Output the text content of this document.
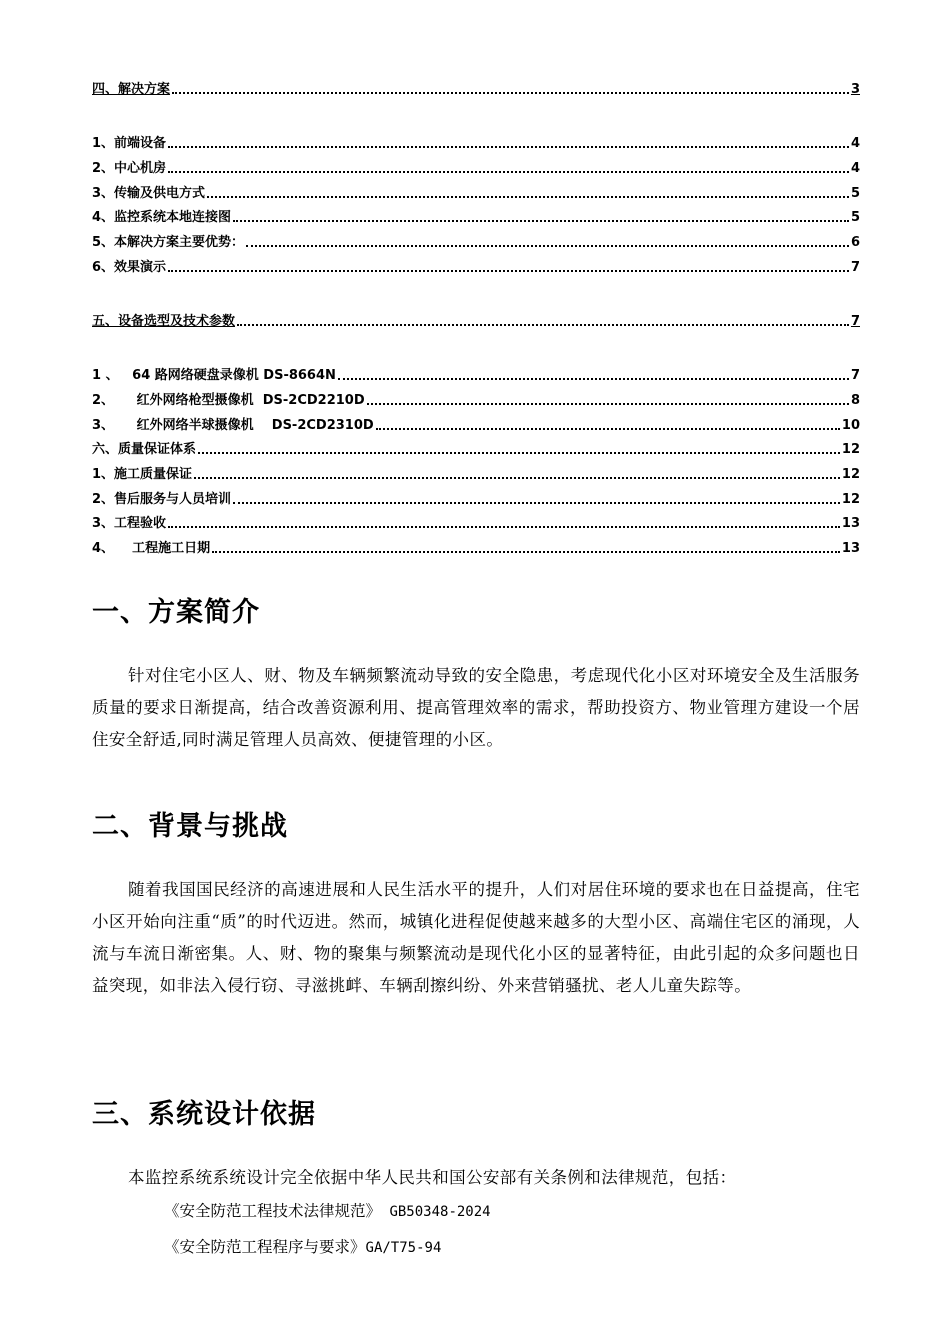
四、解决方案	3
1、前端设备	4
2、中心机房	4
3、传输及供电方式	5
4、监控系统本地连接图	5
5、本解决方案主要优势：	6
6、效果演示	7
五、设备选型及技术参数	7
1 、   64 路网络硬盘录像机 DS-8664N	7
2、     红外网络枪型摄像机  DS-2CD2210D	8
3、     红外网络半球摄像机    DS-2CD2310D	10
六、质量保证体系	12
1、施工质量保证	12
2、售后服务与人员培训	12
3、工程验收	13
4、    工程施工日期	13
一、方案简介
针对住宅小区人、财、物及车辆频繁流动导致的安全隐患，考虑现代化小区对环境安全及生活服务质量的要求日渐提高，结合改善资源利用、提高管理效率的需求，帮助投资方、物业管理方建设一个居住安全舒适,同时满足管理人员高效、便捷管理的小区。
二、背景与挑战
随着我国国民经济的高速进展和人民生活水平的提升，人们对居住环境的要求也在日益提高，住宅小区开始向注重“质”的时代迈进。然而，城镇化进程促使越来越多的大型小区、高端住宅区的涌现，人流与车流日渐密集。人、财、物的聚集与频繁流动是现代化小区的显著特征，由此引起的众多问题也日益突现，如非法入侵行窃、寻滋挑衅、车辆刮擦纠纷、外来营销骚扰、老人儿童失踪等。
三、系统设计依据
本监控系统系统设计完全依据中华人民共和国公安部有关条例和法律规范，包括：
《安全防范工程技术法律规范》 GB50348-2024
《安全防范工程程序与要求》GA/T75-94
